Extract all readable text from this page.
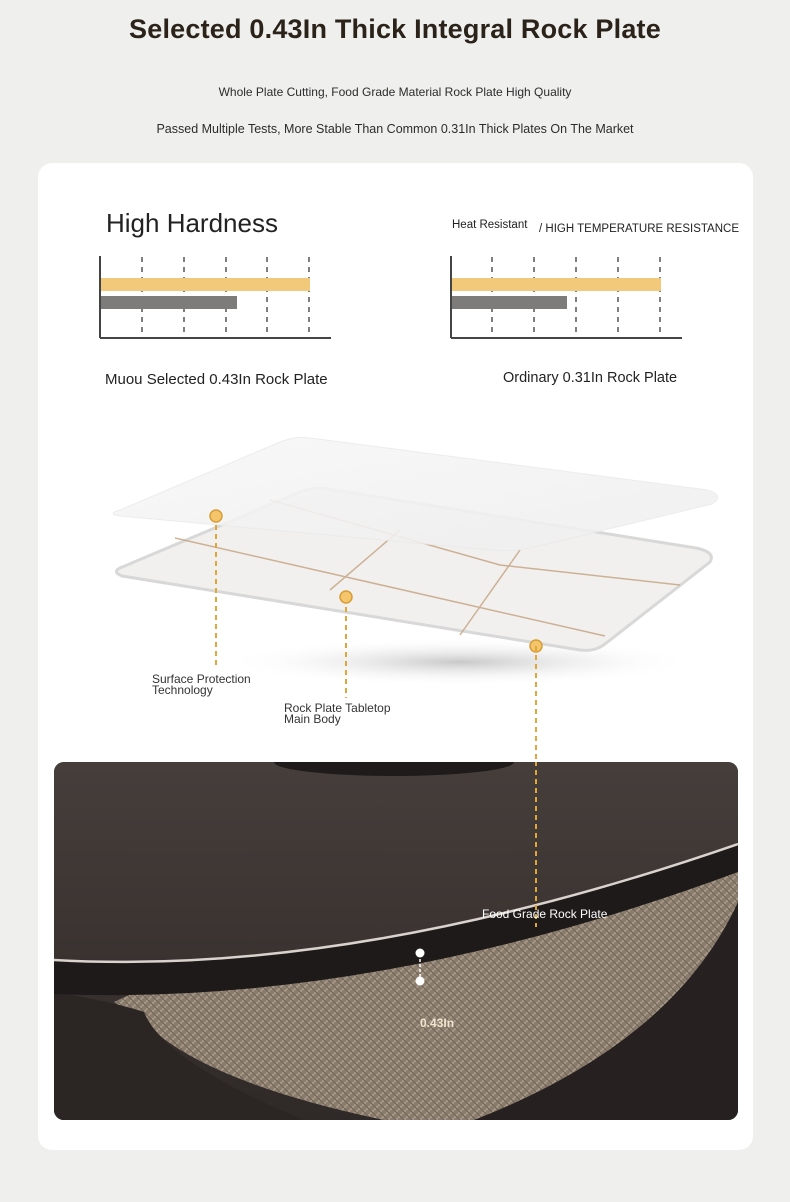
Selected 0.43In Thick Integral Rock Plate
Whole Plate Cutting, Food Grade Material Rock Plate High Quality
Passed Multiple Tests, More Stable Than Common 0.31In Thick Plates On The Market
High Hardness	Heat Resistant / HIGH TEMPERATURE RESISTANCE
Muou Selected 0.43In Rock Plate	Ordinary 0.31In Rock Plate
Surface Protection
Technology
Rock Plate Tabletop
Main Body
Food Grade Rock Plate
0.43In
